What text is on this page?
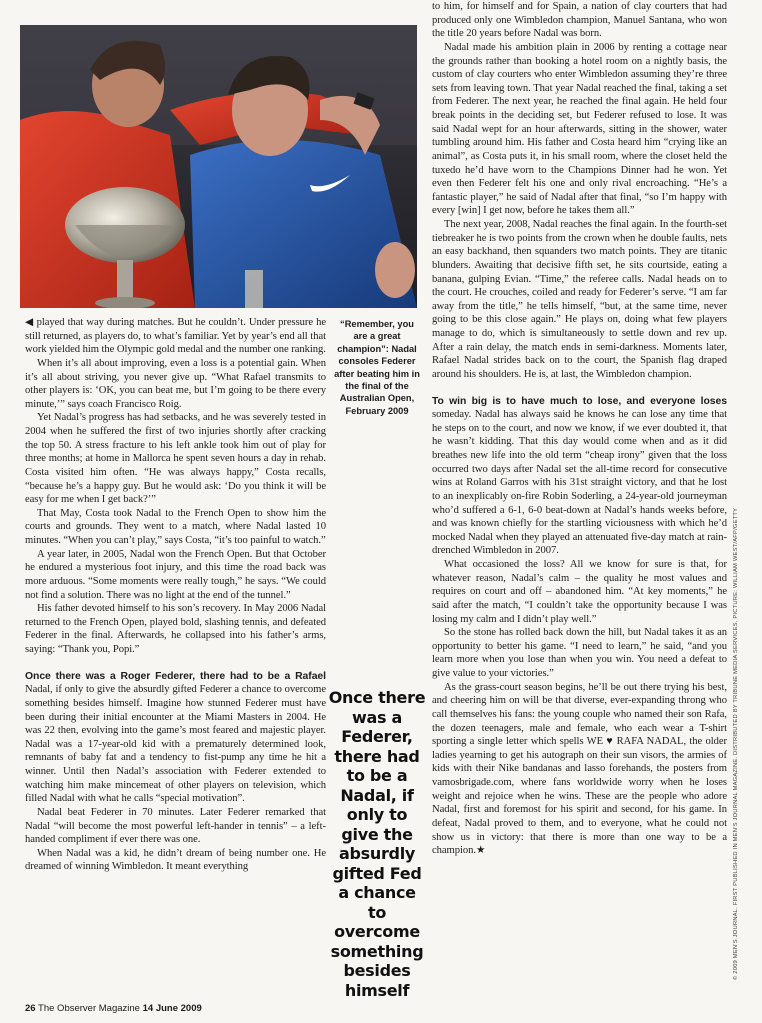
“Remember, you are a great champion”: Nadal consoles Federer after beating him in the final of the Australian Open, February 2009

◀ played that way during matches. But he couldn’t. Under pressure he still returned, as players do, to what’s familiar. Yet by year’s end all that work yielded him the Olympic gold medal and the number one ranking.

When it’s all about improving, even a loss is a potential gain. When it’s all about striving, you never give up. “What Rafael transmits to other players is: ‘OK, you can beat me, but I’m going to be there every minute,’” says coach Francisco Roig.

Yet Nadal’s progress has had setbacks, and he was severely tested in 2004 when he suffered the first of two injuries shortly after cracking the top 50. A stress fracture to his left ankle took him out of play for three months; at home in Mallorca he spent seven hours a day in rehab. Costa visited him often. “He was always happy,” Costa recalls, “because he’s a happy guy. But he would ask: ‘Do you think it will be easy for me when I get back?’”

That May, Costa took Nadal to the French Open to show him the courts and grounds. They went to a match, where Nadal lasted 10 minutes. “When you can’t play,” says Costa, “it’s too painful to watch.”

A year later, in 2005, Nadal won the French Open. But that October he endured a mysterious foot injury, and this time the road back was more arduous. “Some moments were really tough,” he says. “We could not find a solution. There was no light at the end of the tunnel.”

His father devoted himself to his son’s recovery. In May 2006 Nadal returned to the French Open, played bold, slashing tennis, and defeated Federer in the final. Afterwards, he collapsed into his father’s arms, saying: “Thank you, Popi.”

Once there was a Roger Federer, there had to be a Rafael Nadal, if only to give the absurdly gifted Federer a chance to overcome something besides himself. Imagine how stunned Federer must have been during their initial encounter at the Miami Masters in 2004. He was 22 then, evolving into the game’s most feared and majestic player. Nadal was a 17-year-old kid with a prematurely determined look, remnants of baby fat and a tendency to fist-pump any time he hit a winner. Until then Nadal’s association with Federer extended to watching him make mincemeat of other players on television, which filled Nadal with what he calls “special motivation”.

Nadal beat Federer in 70 minutes. Later Federer remarked that Nadal “will become the most powerful left-hander in tennis” – a left-handed compliment if ever there was one.

When Nadal was a kid, he didn’t dream of being number one. He dreamed of winning Wimbledon. It meant everything

Once there was a Federer, there had to be a Nadal, if only to give the absurdly gifted Fed a chance to overcome something besides himself

to him, for himself and for Spain, a nation of clay courters that had produced only one Wimbledon champion, Manuel Santana, who won the title 20 years before Nadal was born.

Nadal made his ambition plain in 2006 by renting a cottage near the grounds rather than booking a hotel room on a nightly basis, the custom of clay courters who enter Wimbledon assuming they’re three sets from leaving town. That year Nadal reached the final, taking a set from Federer. The next year, he reached the final again. He held four break points in the deciding set, but Federer refused to lose. It was said Nadal wept for an hour afterwards, sitting in the shower, water tumbling around him. His father and Costa heard him “crying like an animal”, as Costa puts it, in his small room, where the closet held the tuxedo he’d have worn to the Champions Dinner had he won. Yet even then Federer felt his one and only rival encroaching. “He’s a fantastic player,” he said of Nadal after that final, “so I’m happy with every [win] I get now, before he takes them all.”

The next year, 2008, Nadal reaches the final again. In the fourth-set tiebreaker he is two points from the crown when he double faults, nets an easy backhand, then squanders two match points. They are titanic blunders. Awaiting that decisive fifth set, he sits courtside, eating a banana, gulping Evian. “Time,” the referee calls. Nadal heads on to the court. He crouches, coiled and ready for Federer’s serve. “I am far away from the title,” he tells himself, “but, at the same time, never going to be this close again.” He plays on, doing what few players manage to do, which is simultaneously to settle down and rev up. After a rain delay, the match ends in semi-darkness. Moments later, Rafael Nadal strides back on to the court, the Spanish flag draped around his shoulders. He is, at last, the Wimbledon champion.

To win big is to have much to lose, and everyone loses someday. Nadal has always said he knows he can lose any time that he steps on to the court, and now we know, if we ever doubted it, that he wasn’t kidding. That this day would come when and as it did breathes new life into the old term “cheap irony” given that the loss occurred two days after Nadal set the all-time record for consecutive wins at Roland Garros with his 31st straight victory, and that he lost to an inexplicably on-fire Robin Soderling, a 24-year-old journeyman who’d suffered a 6-1, 6-0 beat-down at Nadal’s hands weeks before, and was known chiefly for the startling viciousness with which he’d mocked Nadal when they played an attenuated five-day match at rain-drenched Wimbledon in 2007.

What occasioned the loss? All we know for sure is that, for whatever reason, Nadal’s calm – the quality he most values and requires on court and off – abandoned him. “At key moments,” he said after the match, “I couldn’t take the opportunity because I was losing my calm and I didn’t play well.”

So the stone has rolled back down the hill, but Nadal takes it as an opportunity to better his game. “I need to learn,” he said, “and you learn more when you lose than when you win. You need a defeat to give value to your victories.”

As the grass-court season begins, he’ll be out there trying his best, and cheering him on will be that diverse, ever-expanding throng who call themselves his fans: the young couple who named their son Rafa, the dozen teenagers, male and female, who each wear a T-shirt sporting a single letter which spells WE ♥ RAFA NADAL, the older ladies yearning to get his autograph on their sun visors, the armies of kids with their Nike bandanas and lasso forehands, the posters from vamosbrigade.com, where fans worldwide worry when he loses weight and rejoice when he wins. These are the people who adore Nadal, first and foremost for his spirit and second, for his game. In defeat, Nadal proved to them, and to everyone, what he could not show us in victory: that there is more than one way to be a champion.★	© 2009 MEN’S JOURNAL. FIRST PUBLISHED IN MEN’S JOURNAL MAGAZINE. DISTRIBUTED BY TRIBUNE MEDIA SERVICES. PICTURE: WILLIAM WEST/AFP/GETTY
26 The Observer Magazine 14 June 2009
